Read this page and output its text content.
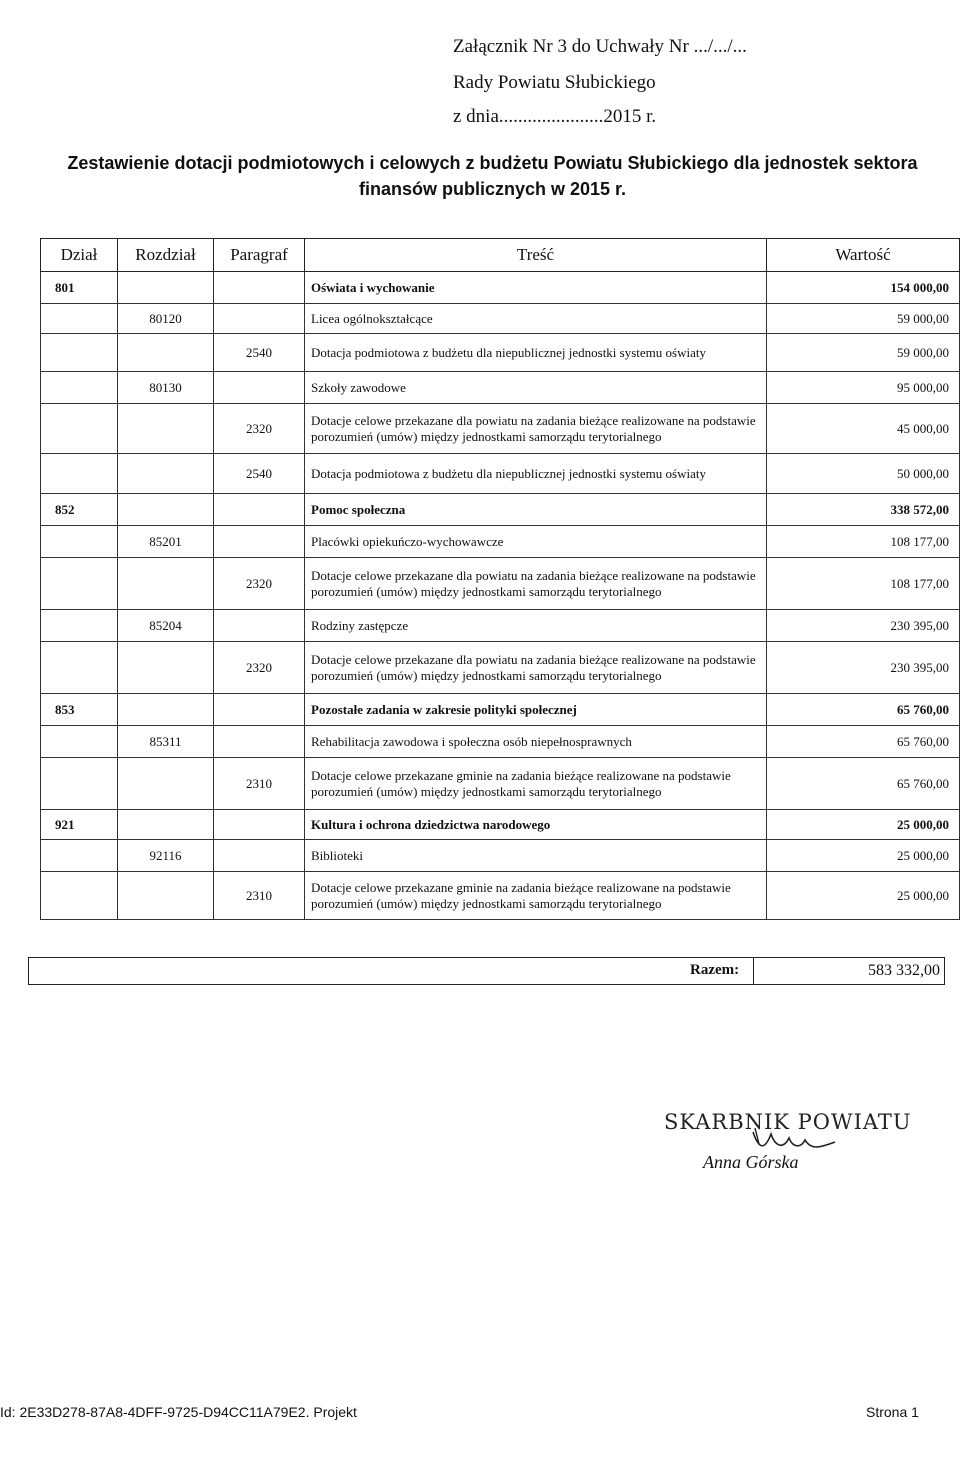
Załącznik Nr 3 do Uchwały Nr .../.../...
Rady Powiatu Słubickiego
z dnia......................2015 r.
Zestawienie dotacji podmiotowych i celowych z budżetu Powiatu Słubickiego dla jednostek sektora finansów publicznych w 2015 r.
Dział	Rozdział	Paragraf	Treść	Wartość
801			Oświata i wychowanie	154 000,00
	80120		Licea ogólnokształcące	59 000,00
		2540	Dotacja podmiotowa z budżetu dla niepublicznej jednostki systemu oświaty	59 000,00
	80130		Szkoły zawodowe	95 000,00
		2320	Dotacje celowe przekazane dla powiatu na zadania bieżące realizowane na podstawie porozumień (umów) między jednostkami samorządu terytorialnego	45 000,00
		2540	Dotacja podmiotowa z budżetu dla niepublicznej jednostki systemu oświaty	50 000,00
852			Pomoc społeczna	338 572,00
	85201		Placówki opiekuńczo-wychowawcze	108 177,00
		2320	Dotacje celowe przekazane dla powiatu na zadania bieżące realizowane na podstawie porozumień (umów) między jednostkami samorządu terytorialnego	108 177,00
	85204		Rodziny zastępcze	230 395,00
		2320	Dotacje celowe przekazane dla powiatu na zadania bieżące realizowane na podstawie porozumień (umów) między jednostkami samorządu terytorialnego	230 395,00
853			Pozostałe zadania w zakresie polityki społecznej	65 760,00
	85311		Rehabilitacja zawodowa i społeczna osób niepełnosprawnych	65 760,00
		2310	Dotacje celowe przekazane gminie na zadania bieżące realizowane na podstawie porozumień (umów) między jednostkami samorządu terytorialnego	65 760,00
921			Kultura i ochrona dziedzictwa narodowego	25 000,00
	92116		Biblioteki	25 000,00
		2310	Dotacje celowe przekazane gminie na zadania bieżące realizowane na podstawie porozumień (umów) między jednostkami samorządu terytorialnego	25 000,00
Razem:	583 332,00
SKARBNIK POWIATU
Anna Górska
Id: 2E33D278-87A8-4DFF-9725-D94CC11A79E2. Projekt	Strona 1
